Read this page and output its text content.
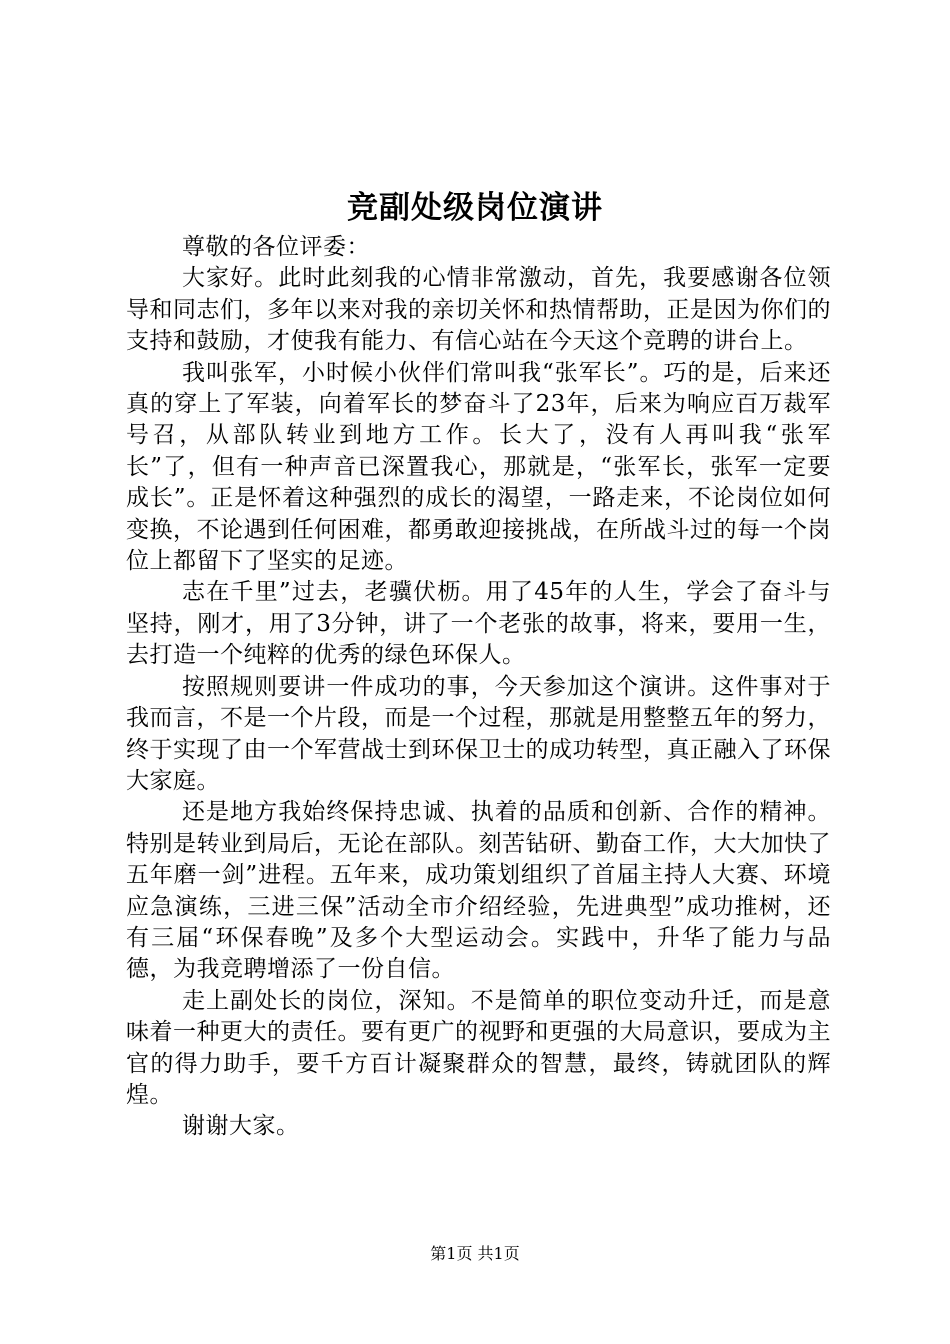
竞副处级岗位演讲

尊敬的各位评委：

大家好。此时此刻我的心情非常激动，首先，我要感谢各位领导和同志们，多年以来对我的亲切关怀和热情帮助，正是因为你们的支持和鼓励，才使我有能力、有信心站在今天这个竞聘的讲台上。

我叫张军，小时候小伙伴们常叫我“张军长”。巧的是，后来还真的穿上了军装，向着军长的梦奋斗了23年，后来为响应百万裁军号召，从部队转业到地方工作。长大了，没有人再叫我“张军长”了，但有一种声音已深置我心，那就是，“张军长，张军一定要成长”。正是怀着这种强烈的成长的渴望，一路走来，不论岗位如何变换，不论遇到任何困难，都勇敢迎接挑战，在所战斗过的每一个岗位上都留下了坚实的足迹。

志在千里”过去，老骥伏枥。用了45年的人生，学会了奋斗与坚持，刚才，用了3分钟，讲了一个老张的故事，将来，要用一生，去打造一个纯粹的优秀的绿色环保人。

按照规则要讲一件成功的事，今天参加这个演讲。这件事对于我而言，不是一个片段，而是一个过程，那就是用整整五年的努力，终于实现了由一个军营战士到环保卫士的成功转型，真正融入了环保大家庭。

还是地方我始终保持忠诚、执着的品质和创新、合作的精神。特别是转业到局后，无论在部队。刻苦钻研、勤奋工作，大大加快了五年磨一剑”进程。五年来，成功策划组织了首届主持人大赛、环境应急演练，三进三保”活动全市介绍经验，先进典型”成功推树，还有三届“环保春晚”及多个大型运动会。实践中，升华了能力与品德，为我竞聘增添了一份自信。

走上副处长的岗位，深知。不是简单的职位变动升迁，而是意味着一种更大的责任。要有更广的视野和更强的大局意识，要成为主官的得力助手，要千方百计凝聚群众的智慧，最终，铸就团队的辉煌。

谢谢大家。

第1页 共1页
